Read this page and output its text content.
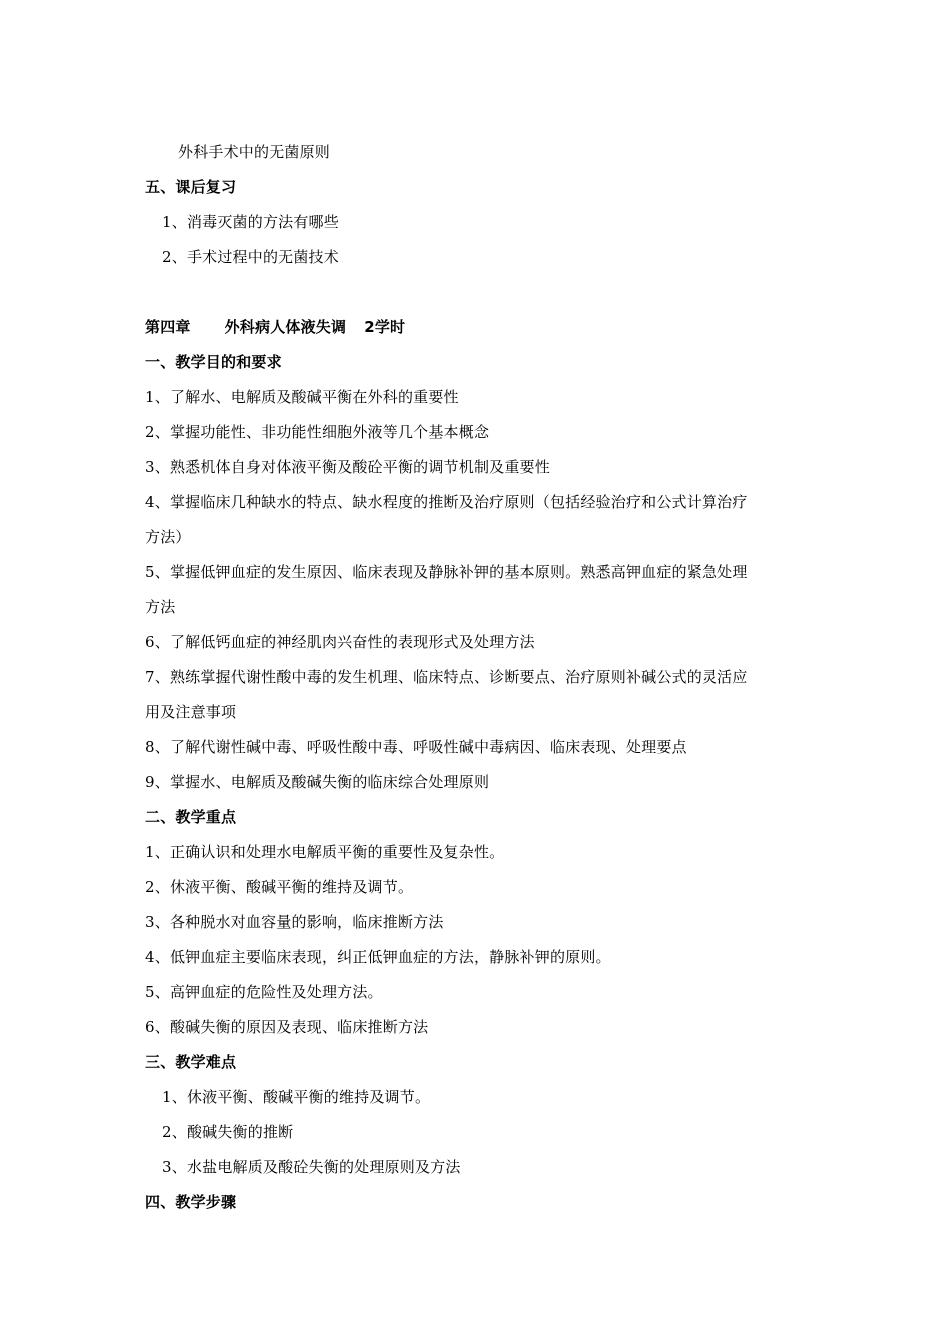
外科手术中的无菌原则
五、课后复习
1、消毒灭菌的方法有哪些
2、手术过程中的无菌技术
第四章 外科病人体液失调 2学时
一、教学目的和要求
1、了解水、电解质及酸碱平衡在外科的重要性
2、掌握功能性、非功能性细胞外液等几个基本概念
3、熟悉机体自身对体液平衡及酸砼平衡的调节机制及重要性
4、掌握临床几种缺水的特点、缺水程度的推断及治疗原则（包括经验治疗和公式计算治疗
方法）
5、掌握低钾血症的发生原因、临床表现及静脉补钾的基本原则。熟悉高钾血症的紧急处理
方法
6、了解低钙血症的神经肌肉兴奋性的表现形式及处理方法
7、熟练掌握代谢性酸中毒的发生机理、临床特点、诊断要点、治疗原则补碱公式的灵活应
用及注意事项
8、了解代谢性碱中毒、呼吸性酸中毒、呼吸性碱中毒病因、临床表现、处理要点
9、掌握水、电解质及酸碱失衡的临床综合处理原则
二、教学重点
1、正确认识和处理水电解质平衡的重要性及复杂性。
2、休液平衡、酸碱平衡的维持及调节。
3、各种脱水对血容量的影响，临床推断方法
4、低钾血症主要临床表现，纠正低钾血症的方法，静脉补钾的原则。
5、高钾血症的危险性及处理方法。
6、酸碱失衡的原因及表现、临床推断方法
三、教学难点
1、休液平衡、酸碱平衡的维持及调节。
2、酸碱失衡的推断
3、水盐电解质及酸砼失衡的处理原则及方法
四、教学步骤
